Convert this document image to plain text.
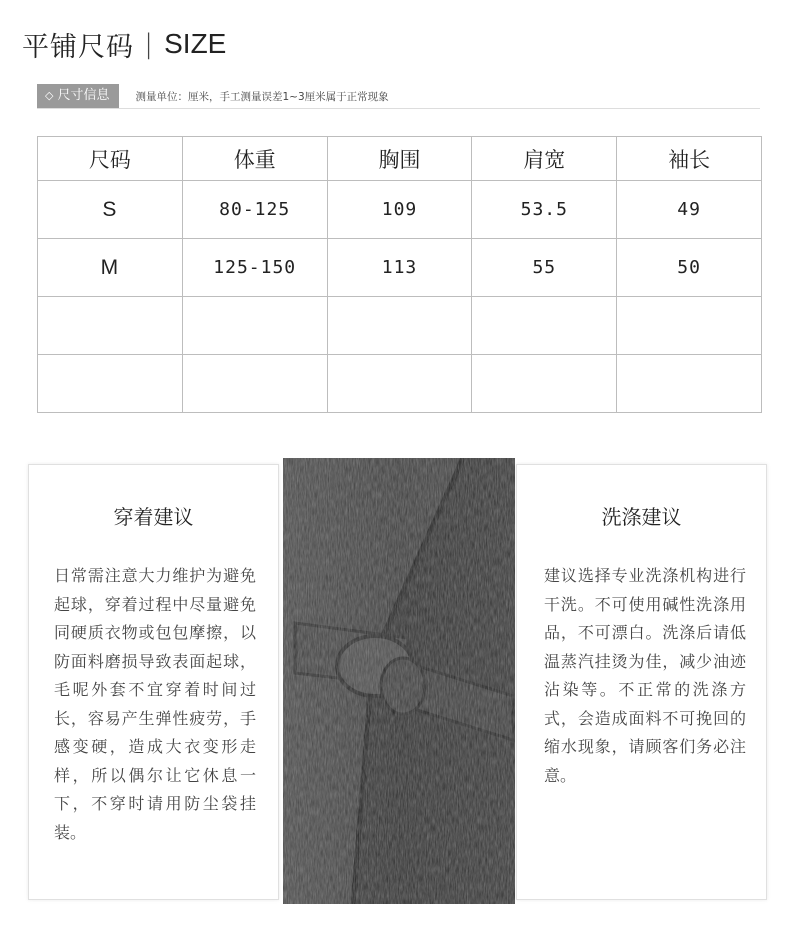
平铺尺码 | SIZE
◇ 尺寸信息 测量单位：厘米，手工测量误差1~3厘米属于正常现象
尺码	体重	胸围	肩宽	袖长
S	80-125	109	53.5	49
M	125-150	113	55	50

穿着建议

日常需注意大力维护为避免起球，穿着过程中尽量避免同硬质衣物或包包摩擦，以防面料磨损导致表面起球，毛呢外套不宜穿着时间过长，容易产生弹性疲劳，手感变硬，造成大衣变形走样，所以偶尔让它休息一下，不穿时请用防尘袋挂装。

洗涤建议

建议选择专业洗涤机构进行干洗。不可使用碱性洗涤用品，不可漂白。洗涤后请低温蒸汽挂烫为佳，减少油迹沾染等。不正常的洗涤方式，会造成面料不可挽回的缩水现象，请顾客们务必注意。
